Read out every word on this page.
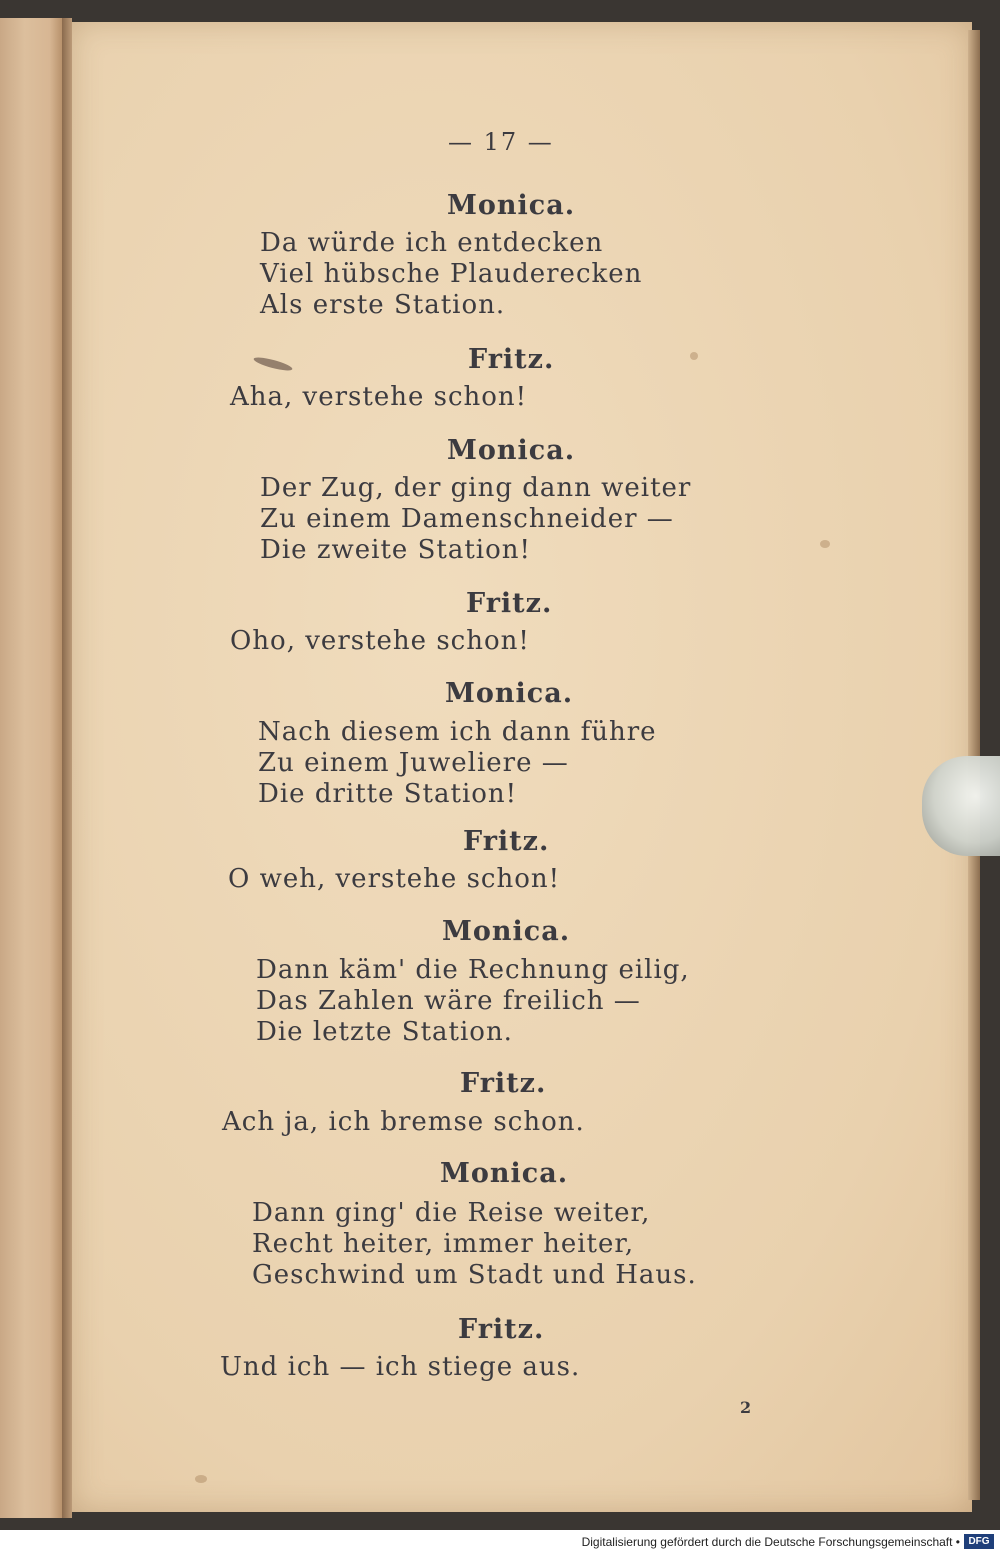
— 17 —
Monica.
Da würde ich entdecken
Viel hübsche Plauderecken
Als erste Station.
Fritz.
Aha, verstehe schon!
Monica.
Der Zug, der ging dann weiter
Zu einem Damenschneider —
Die zweite Station!
Fritz.
Oho, verstehe schon!
Monica.
Nach diesem ich dann führe
Zu einem Juweliere —
Die dritte Station!
Fritz.
O weh, verstehe schon!
Monica.
Dann käm' die Rechnung eilig,
Das Zahlen wäre freilich —
Die letzte Station.
Fritz.
Ach ja, ich bremse schon.
Monica.
Dann ging' die Reise weiter,
Recht heiter, immer heiter,
Geschwind um Stadt und Haus.
Fritz.
Und ich — ich stiege aus.
2
Digitalisierung gefördert durch die Deutsche Forschungsgemeinschaft • DFG
